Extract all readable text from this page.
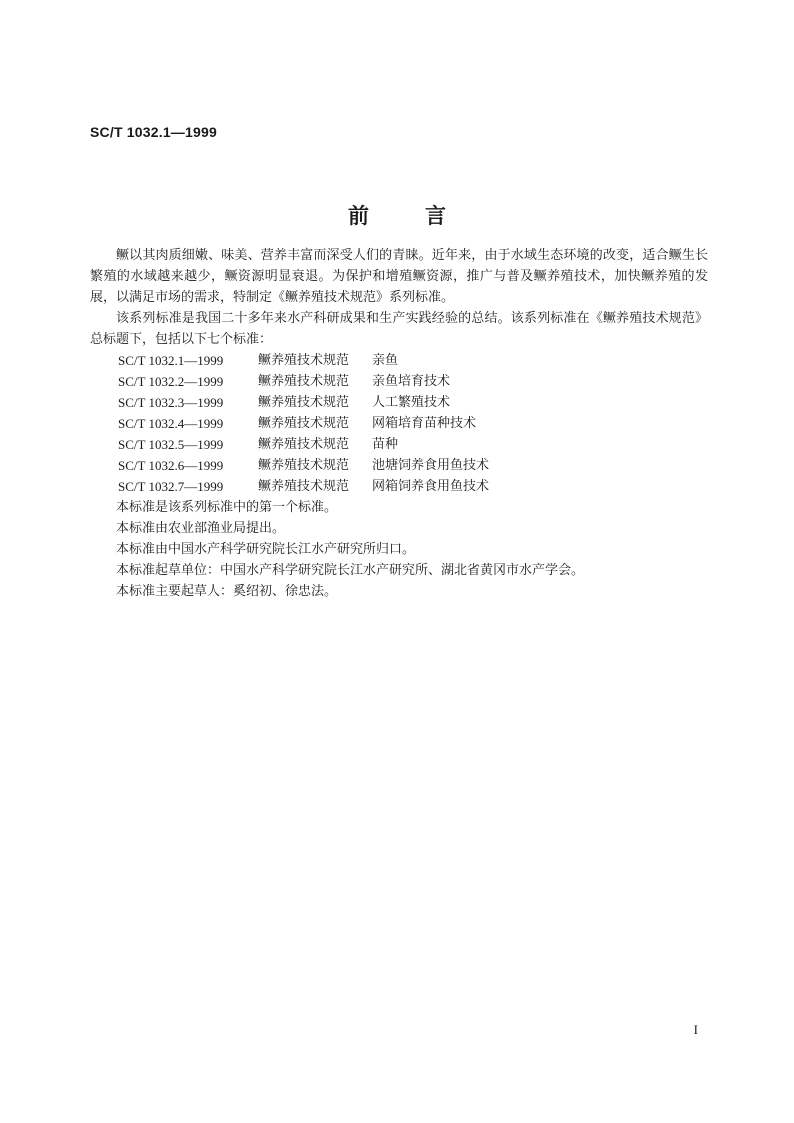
SC/T 1032.1—1999
前言

鳜以其肉质细嫩、味美、营养丰富而深受人们的青睐。近年来，由于水域生态环境的改变，适合鳜生长繁殖的水域越来越少，鳜资源明显衰退。为保护和增殖鳜资源，推广与普及鳜养殖技术，加快鳜养殖的发展，以满足市场的需求，特制定《鳜养殖技术规范》系列标准。

该系列标准是我国二十多年来水产科研成果和生产实践经验的总结。该系列标准在《鳜养殖技术规范》总标题下，包括以下七个标准：

SC/T 1032.1—1999	鳜养殖技术规范	亲鱼
SC/T 1032.2—1999	鳜养殖技术规范	亲鱼培育技术
SC/T 1032.3—1999	鳜养殖技术规范	人工繁殖技术
SC/T 1032.4—1999	鳜养殖技术规范	网箱培育苗种技术
SC/T 1032.5—1999	鳜养殖技术规范	苗种
SC/T 1032.6—1999	鳜养殖技术规范	池塘饲养食用鱼技术
SC/T 1032.7—1999	鳜养殖技术规范	网箱饲养食用鱼技术

本标准是该系列标准中的第一个标准。

本标准由农业部渔业局提出。

本标准由中国水产科学研究院长江水产研究所归口。

本标准起草单位：中国水产科学研究院长江水产研究所、湖北省黄冈市水产学会。

本标准主要起草人：奚绍初、徐忠法。

I
